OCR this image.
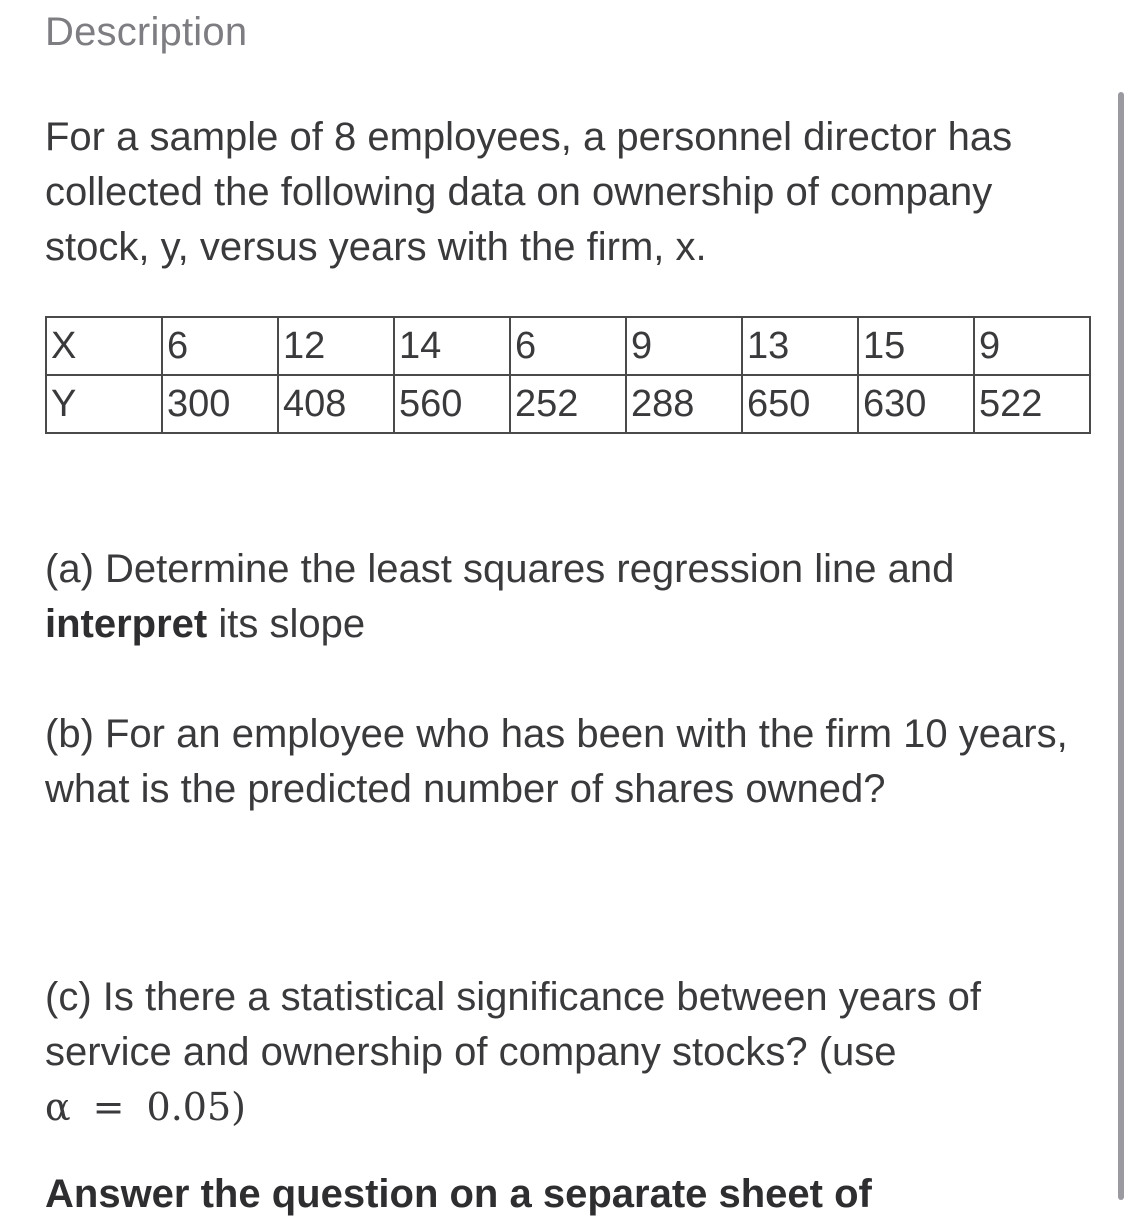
Description
For a sample of 8 employees, a personnel director has collected the following data on ownership of company stock, y, versus years with the firm, x.
X	6	12	14	6	9	13	15	9
Y	300	408	560	252	288	650	630	522
(a) Determine the least squares regression line and interpret its slope
(b) For an employee who has been with the firm 10 years, what is the predicted number of shares owned?
(c) Is there a statistical significance between years of service and ownership of company stocks? (use
α = 0.05)
Answer the question on a separate sheet of
